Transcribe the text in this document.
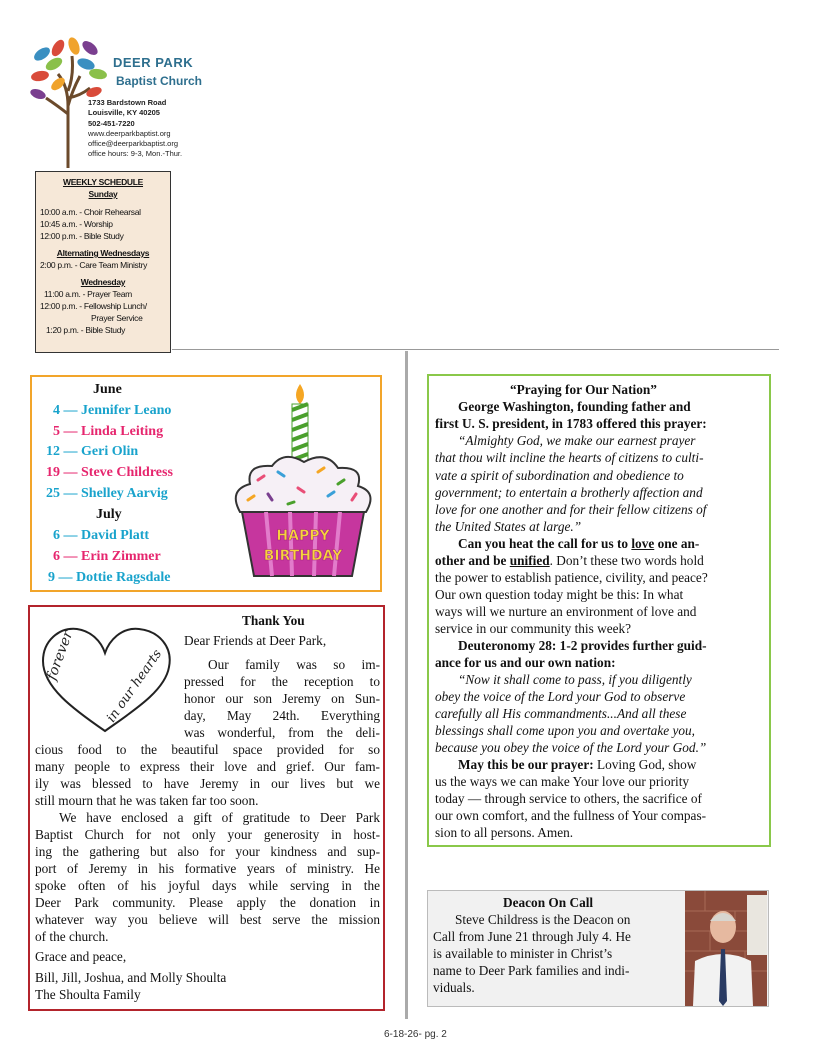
DEER PARK
Baptist Church
1733 Bardstown Road
Louisville, KY 40205
502-451-7220
www.deerparkbaptist.org
office@deerparkbaptist.org
office hours: 9-3, Mon.-Thur.
WEEKLY SCHEDULE
Sunday
10:00 a.m. - Choir Rehearsal
10:45 a.m. - Worship
12:00 p.m. - Bible Study
Alternating Wednesdays
2:00 p.m. - Care Team Ministry
Wednesday
11:00 a.m. - Prayer Team
12:00 p.m. - Fellowship Lunch/
Prayer Service
1:20 p.m. - Bible Study
June
4 — Jennifer Leano
5 — Linda Leiting
12 — Geri Olin
19 — Steve Childress
25 — Shelley Aarvig
July
6 — David Platt
6 — Erin Zimmer
9 — Dottie Ragsdale
HAPPY
BIRTHDAY
forever in our hearts
Thank You
Dear Friends at Deer Park,
Our family was so im-
pressed for the reception to
honor our son Jeremy on Sun-
day, May 24th. Everything
was wonderful, from the deli-
cious food to the beautiful space provided for so
many people to express their love and grief. Our fam-
ily was blessed to have Jeremy in our lives but we
still mourn that he was taken far too soon.
We have enclosed a gift of gratitude to Deer Park
Baptist Church for not only your generosity in host-
ing the gathering but also for your kindness and sup-
port of Jeremy in his formative years of ministry. He
spoke often of his joyful days while serving in the
Deer Park community. Please apply the donation in
whatever way you believe will best serve the mission
of the church.
Grace and peace,
Bill, Jill, Joshua, and Molly Shoulta
The Shoulta Family
“Praying for Our Nation”
George Washington, founding father and
first U. S. president, in 1783 offered this prayer:
“Almighty God, we make our earnest prayer
that thou wilt incline the hearts of citizens to culti-
vate a spirit of subordination and obedience to
government; to entertain a brotherly affection and
love for one another and for their fellow citizens of
the United States at large.”
Can you heat the call for us to love one an-
other and be unified. Don’t these two words hold
the power to establish patience, civility, and peace?
Our own question today might be this: In what
ways will we nurture an environment of love and
service in our community this week?
Deuteronomy 28: 1-2 provides further guid-
ance for us and our own nation:
“Now it shall come to pass, if you diligently
obey the voice of the Lord your God to observe
carefully all His commandments...And all these
blessings shall come upon you and overtake you,
because you obey the voice of the Lord your God.”
May this be our prayer: Loving God, show
us the ways we can make Your love our priority
today — through service to others, the sacrifice of
our own comfort, and the fullness of Your compas-
sion to all persons. Amen.
Deacon On Call
Steve Childress is the Deacon on
Call from June 21 through July 4. He
is available to minister in Christ’s
name to Deer Park families and indi-
viduals.
6-18-26- pg. 2
